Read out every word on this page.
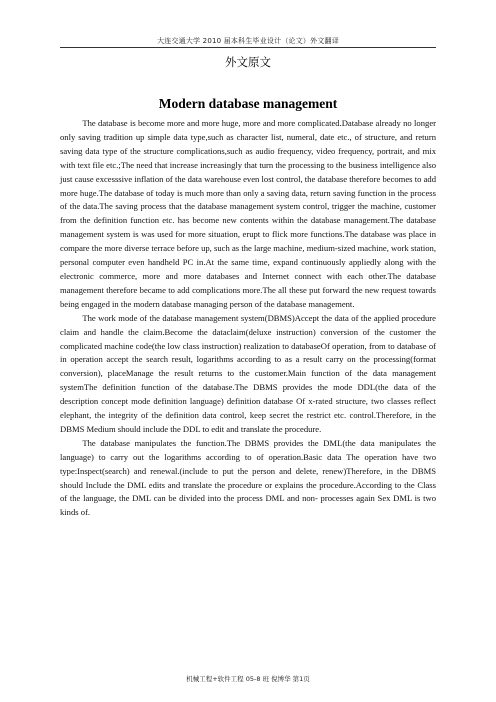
大连交通大学 2010 届本科生毕业设计（论文）外文翻译
外文原文
Modern database management

The database is become more and more huge, more and more complicated.Database already no longer only saving tradition up simple data type,such as character list, numeral, date etc., of structure, and return saving data type of the structure complications,such as audio frequency, video frequency, portrait, and mix with text file etc.;The need that increase increasingly that turn the processing to the business intelligence also just cause excesssive inflation of the data warehouse even lost control, the database therefore becomes to add more huge.The database of today is much more than only a saving data, return saving function in the process of the data.The saving process that the database management system control, trigger the machine, customer from the definition function etc. has become new contents within the database management.The database management system is was used for more situation, erupt to flick more functions.The database was place in compare the more diverse terrace before up, such as the large machine, medium-sized machine, work station, personal computer even handheld PC in.At the same time, expand continuously appliedly along with the electronic commerce, more and more databases and Internet connect with each other.The database management therefore became to add complications more.The all these put forward the new request towards being engaged in the modern database managing person of the database management.

The work mode of the database management system(DBMS)Accept the data of the applied procedure claim and handle the claim.Become the dataclaim(deluxe instruction) conversion of the customer the complicated machine code(the low class instruction) realization to databaseOf operation, from to database of in operation accept the search result, logarithms according to as a result carry on the processing(format conversion), placeManage the result returns to the customer.Main function of the data management systemThe definition function of the database.The DBMS provides the mode DDL(the data of the description concept mode definition language) definition database Of x-rated structure, two classes reflect elephant, the integrity of the definition data control, keep secret the restrict etc. control.Therefore, in the DBMS Medium should include the DDL to edit and translate the procedure.

The database manipulates the function.The DBMS provides the DML(the data manipulates the language) to carry out the logarithms according to of operation.Basic data The operation have two type:Inspect(search) and renewal.(include to put the person and delete, renew)Therefore, in the DBMS should Include the DML edits and translate the procedure or explains the procedure.According to the Class of the language, the DML can be divided into the process DML and non- processes again Sex DML is two kinds of.

机械工程+软件工程 05-8 班 倪博华 第1页
